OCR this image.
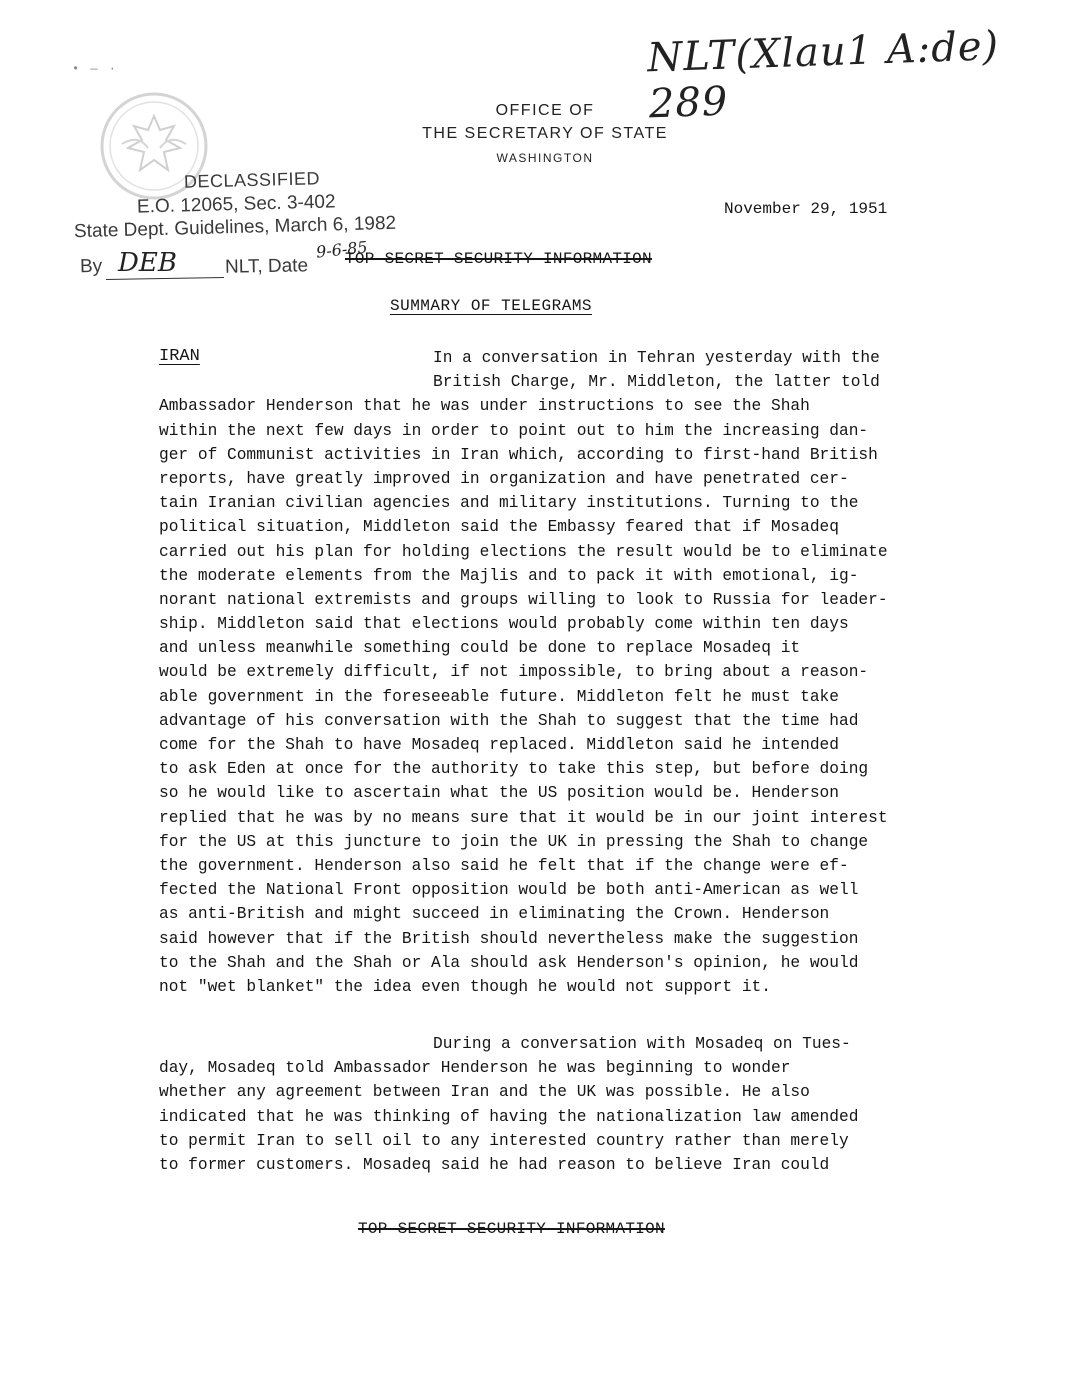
NLT(Xlau1 A:de) 289
• — ·
OFFICE OF
THE SECRETARY OF STATE
WASHINGTON
DECLASSIFIED
E.O. 12065, Sec. 3-402
State Dept. Guidelines, March 6, 1982
By DEB	NLT, Date
9-6-85
November 29, 1951
TOP SECRET SECURITY INFORMATION
SUMMARY OF TELEGRAMS
IRAN	In a conversation in Tehran yesterday with the
British Charge, Mr. Middleton, the latter told
Ambassador Henderson that he was under instructions to see the Shah
within the next few days in order to point out to him the increasing dan-
ger of Communist activities in Iran which, according to first-hand British
reports, have greatly improved in organization and have penetrated cer-
tain Iranian civilian agencies and military institutions. Turning to the
political situation, Middleton said the Embassy feared that if Mosadeq
carried out his plan for holding elections the result would be to eliminate
the moderate elements from the Majlis and to pack it with emotional, ig-
norant national extremists and groups willing to look to Russia for leader-
ship. Middleton said that elections would probably come within ten days
and unless meanwhile something could be done to replace Mosadeq it
would be extremely difficult, if not impossible, to bring about a reason-
able government in the foreseeable future. Middleton felt he must take
advantage of his conversation with the Shah to suggest that the time had
come for the Shah to have Mosadeq replaced. Middleton said he intended
to ask Eden at once for the authority to take this step, but before doing
so he would like to ascertain what the US position would be. Henderson
replied that he was by no means sure that it would be in our joint interest
for the US at this juncture to join the UK in pressing the Shah to change
the government. Henderson also said he felt that if the change were ef-
fected the National Front opposition would be both anti-American as well
as anti-British and might succeed in eliminating the Crown. Henderson
said however that if the British should nevertheless make the suggestion
to the Shah and the Shah or Ala should ask Henderson's opinion, he would
not "wet blanket" the idea even though he would not support it.
During a conversation with Mosadeq on Tues-
day, Mosadeq told Ambassador Henderson he was beginning to wonder
whether any agreement between Iran and the UK was possible. He also
indicated that he was thinking of having the nationalization law amended
to permit Iran to sell oil to any interested country rather than merely
to former customers. Mosadeq said he had reason to believe Iran could
TOP SECRET SECURITY INFORMATION
